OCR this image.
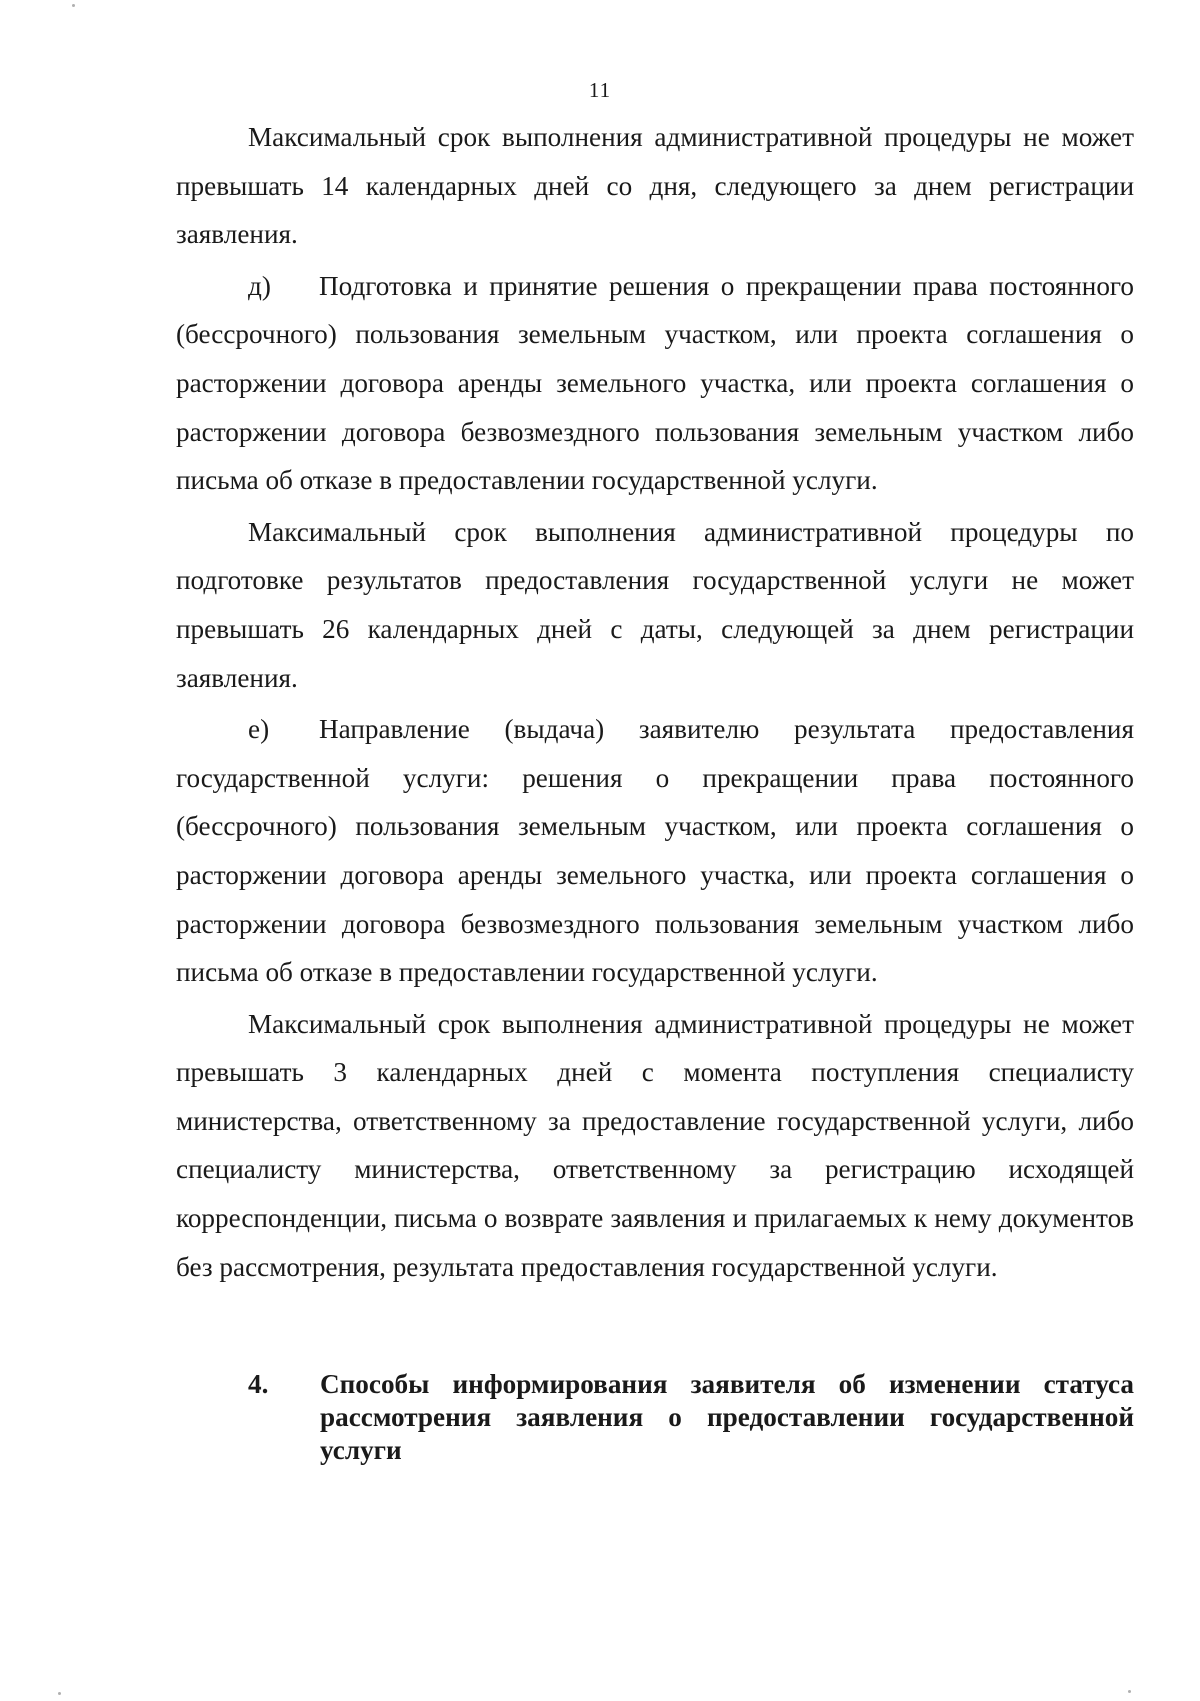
11

Максимальный срок выполнения административной процедуры не может превышать 14 календарных дней со дня, следующего за днем регистрации заявления.

д) Подготовка и принятие решения о прекращении права постоянного (бессрочного) пользования земельным участком, или проекта соглашения о расторжении договора аренды земельного участка, или проекта соглашения о расторжении договора безвозмездного пользования земельным участком либо письма об отказе в предоставлении государственной услуги.

Максимальный срок выполнения административной процедуры по подготовке результатов предоставления государственной услуги не может превышать 26 календарных дней с даты, следующей за днем регистрации заявления.

е) Направление (выдача) заявителю результата предоставления государственной услуги: решения о прекращении права постоянного (бессрочного) пользования земельным участком, или проекта соглашения о расторжении договора аренды земельного участка, или проекта соглашения о расторжении договора безвозмездного пользования земельным участком либо письма об отказе в предоставлении государственной услуги.

Максимальный срок выполнения административной процедуры не может превышать 3 календарных дней с момента поступления специалисту министерства, ответственному за предоставление государственной услуги, либо специалисту министерства, ответственному за регистрацию исходящей корреспонденции, письма о возврате заявления и прилагаемых к нему документов без рассмотрения, результата предоставления государственной услуги.

4. Способы информирования заявителя об изменении статуса рассмотрения заявления о предоставлении государственной услуги
